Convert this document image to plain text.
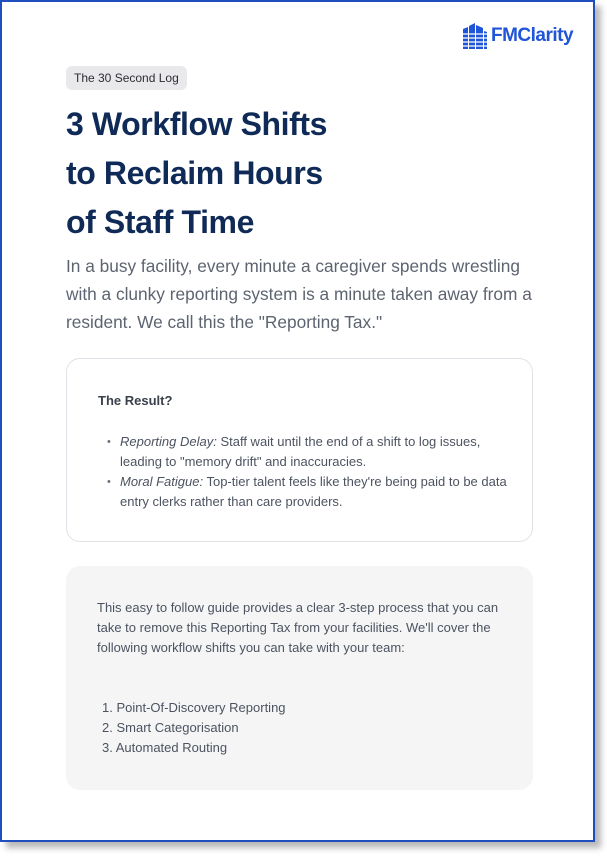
FMClarity
The 30 Second Log
3 Workflow Shifts
to Reclaim Hours
of Staff Time

In a busy facility, every minute a caregiver spends wrestling with a clunky reporting system is a minute taken away from a resident. We call this the "Reporting Tax."

The Result?
• Reporting Delay: Staff wait until the end of a shift to log issues, leading to "memory drift" and inaccuracies.
• Moral Fatigue: Top-tier talent feels like they're being paid to be data entry clerks rather than care providers.

This easy to follow guide provides a clear 3-step process that you can take to remove this Reporting Tax from your facilities. We'll cover the following workflow shifts you can take with your team:

1. Point-Of-Discovery Reporting
2. Smart Categorisation
3. Automated Routing
